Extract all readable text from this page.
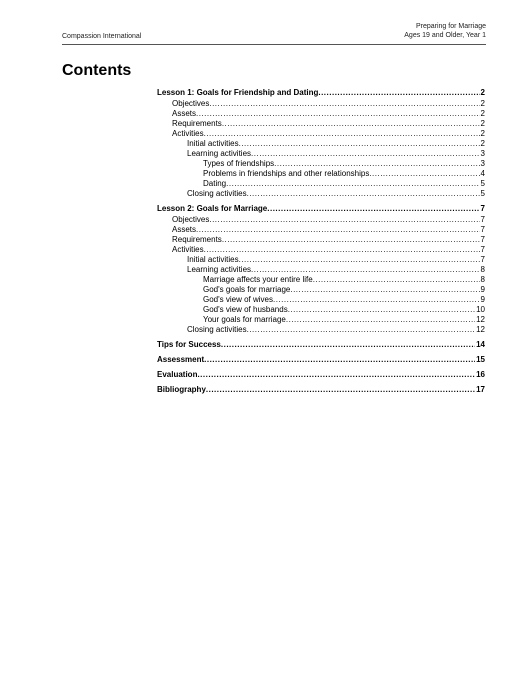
Compassion International
Preparing for Marriage
Ages 19 and Older, Year 1
Contents
Lesson 1: Goals for Friendship and Dating .....	2
Objectives .....	2
Assets .....	2
Requirements .....	2
Activities .....	2
Initial activities .....	2
Learning activities .....	3
Types of friendships .....	3
Problems in friendships and other relationships .....	4
Dating .....	5
Closing activities .....	5
Lesson 2: Goals for Marriage .....	7
Objectives .....	7
Assets .....	7
Requirements .....	7
Activities .....	7
Initial activities .....	7
Learning activities .....	8
Marriage affects your entire life .....	8
God's goals for marriage .....	9
God's view of wives .....	9
God's view of husbands .....	10
Your goals for marriage .....	12
Closing activities .....	12
Tips for Success .....	14
Assessment .....	15
Evaluation .....	16
Bibliography .....	17
